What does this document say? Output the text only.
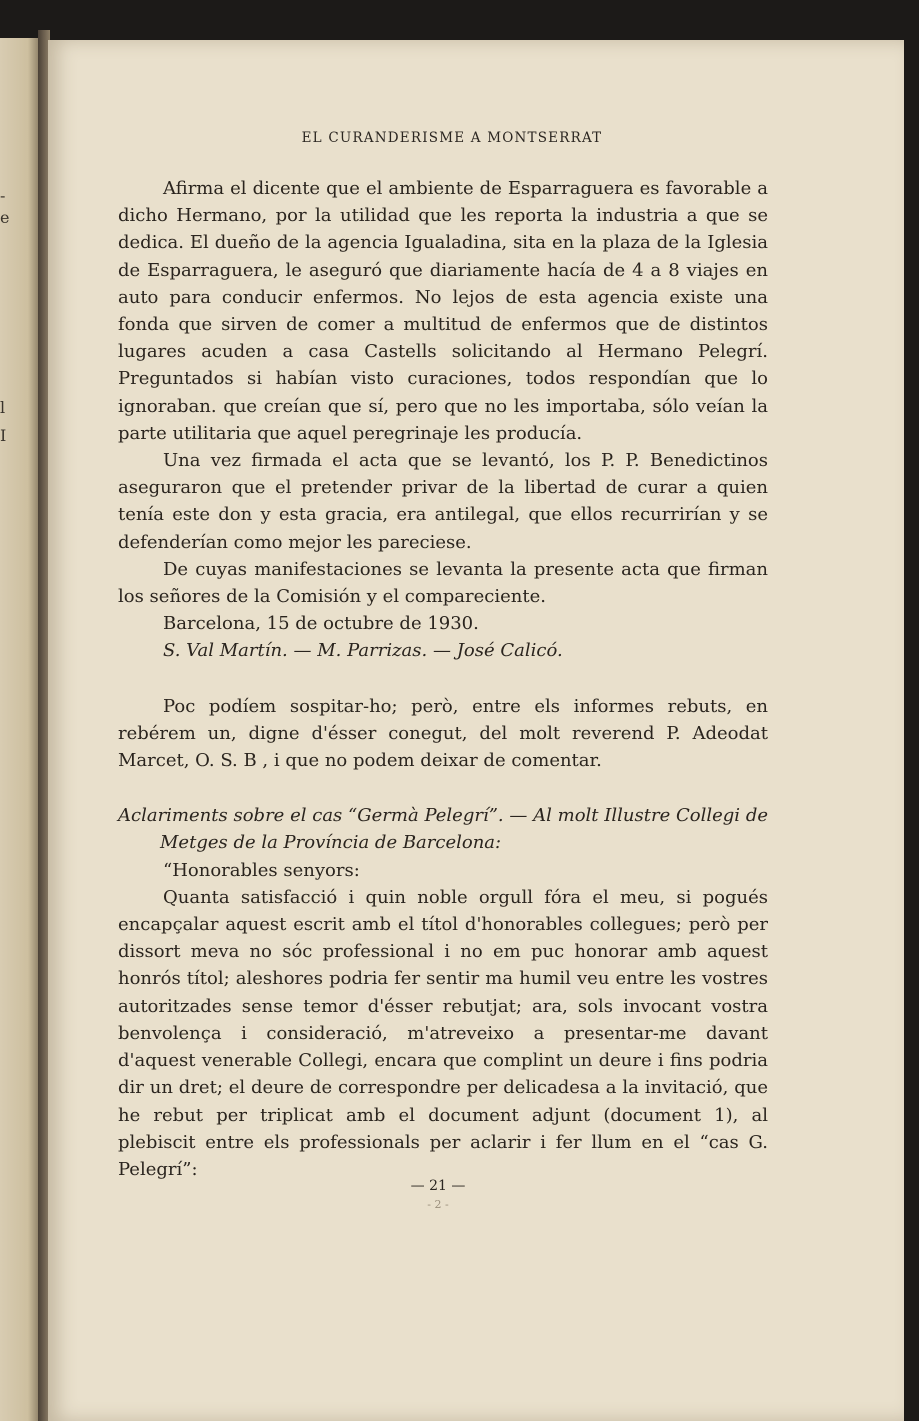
-
e
l
I
EL CURANDERISME A MONTSERRAT

Afirma el dicente que el ambiente de Esparraguera es favorable a dicho Hermano, por la utilidad que les reporta la industria a que se dedica. El dueño de la agencia Igualadina, sita en la plaza de la Iglesia de Esparraguera, le aseguró que diariamente hacía de 4 a 8 viajes en auto para conducir enfermos. No lejos de esta agencia existe una fonda que sirven de comer a multitud de enfermos que de distintos lugares acuden a casa Castells solicitando al Hermano Pelegrí. Preguntados si habían visto curaciones, todos respondían que lo ignoraban. que creían que sí, pero que no les importaba, sólo veían la parte utilitaria que aquel peregrinaje les producía.

Una vez firmada el acta que se levantó, los P. P. Benedictinos aseguraron que el pretender privar de la libertad de curar a quien tenía este don y esta gracia, era antilegal, que ellos recurrirían y se defenderían como mejor les pareciese.

De cuyas manifestaciones se levanta la presente acta que firman los señores de la Comisión y el compareciente.

Barcelona, 15 de octubre de 1930.

S. Val Martín. — M. Parrizas. — José Calicó.

Poc podíem sospitar-ho; però, entre els informes rebuts, en rebérem un, digne d'ésser conegut, del molt reverend P. Adeodat Marcet, O. S. B , i que no podem deixar de comentar.

Aclariments sobre el cas “Germà Pelegrí”. — Al molt Illustre Collegi de Metges de la Província de Barcelona:

“Honorables senyors:

Quanta satisfacció i quin noble orgull fóra el meu, si pogués encapçalar aquest escrit amb el títol d'honorables collegues; però per dissort meva no sóc professional i no em puc honorar amb aquest honrós títol; aleshores podria fer sentir ma humil veu entre les vostres autoritzades sense temor d'ésser rebutjat; ara, sols invocant vostra benvolença i consideració, m'atreveixo a presentar-me davant d'aquest venerable Collegi, encara que complint un deure i fins podria dir un dret; el deure de correspondre per delicadesa a la invitació, que he rebut per triplicat amb el document adjunt (document 1), al plebiscit entre els professionals per aclarir i fer llum en el “cas G. Pelegrí”:

— 21 —
- 2 -
